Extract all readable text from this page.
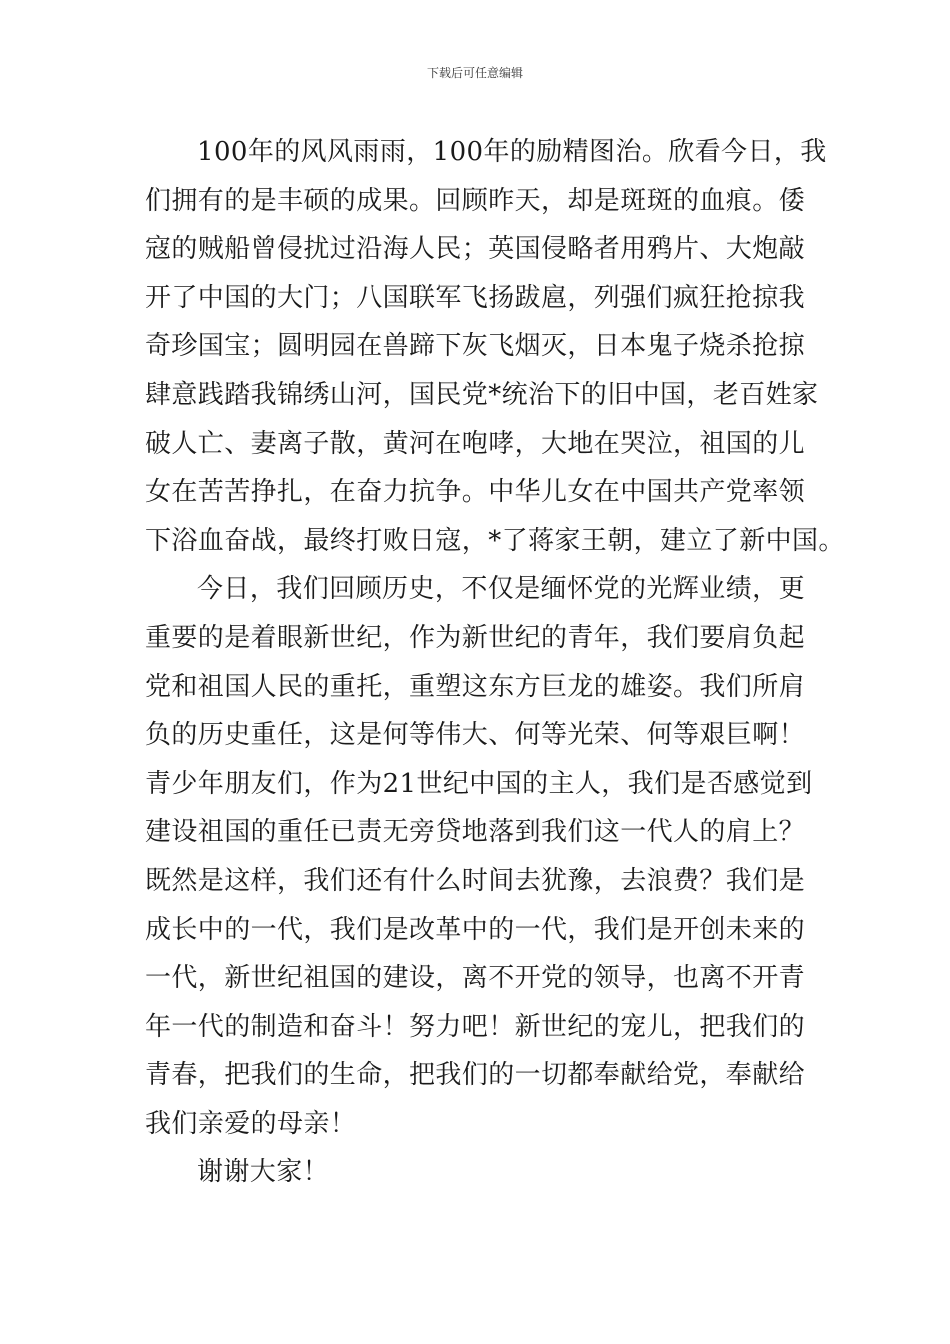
下载后可任意编辑
100年的风风雨雨，100年的励精图治。欣看今日，我
们拥有的是丰硕的成果。回顾昨天，却是斑斑的血痕。倭
寇的贼船曾侵扰过沿海人民；英国侵略者用鸦片、大炮敲
开了中国的大门；八国联军飞扬跋扈，列强们疯狂抢掠我
奇珍国宝；圆明园在兽蹄下灰飞烟灭，日本鬼子烧杀抢掠
肆意践踏我锦绣山河，国民党*统治下的旧中国，老百姓家
破人亡、妻离子散，黄河在咆哮，大地在哭泣，祖国的儿
女在苦苦挣扎，在奋力抗争。中华儿女在中国共产党率领
下浴血奋战，最终打败日寇，*了蒋家王朝，建立了新中国。
今日，我们回顾历史，不仅是缅怀党的光辉业绩，更
重要的是着眼新世纪，作为新世纪的青年，我们要肩负起
党和祖国人民的重托，重塑这东方巨龙的雄姿。我们所肩
负的历史重任，这是何等伟大、何等光荣、何等艰巨啊！
青少年朋友们，作为21世纪中国的主人，我们是否感觉到
建设祖国的重任已责无旁贷地落到我们这一代人的肩上？
既然是这样，我们还有什么时间去犹豫，去浪费？我们是
成长中的一代，我们是改革中的一代，我们是开创未来的
一代，新世纪祖国的建设，离不开党的领导，也离不开青
年一代的制造和奋斗！努力吧！新世纪的宠儿，把我们的
青春，把我们的生命，把我们的一切都奉献给党，奉献给
我们亲爱的母亲！
谢谢大家！
